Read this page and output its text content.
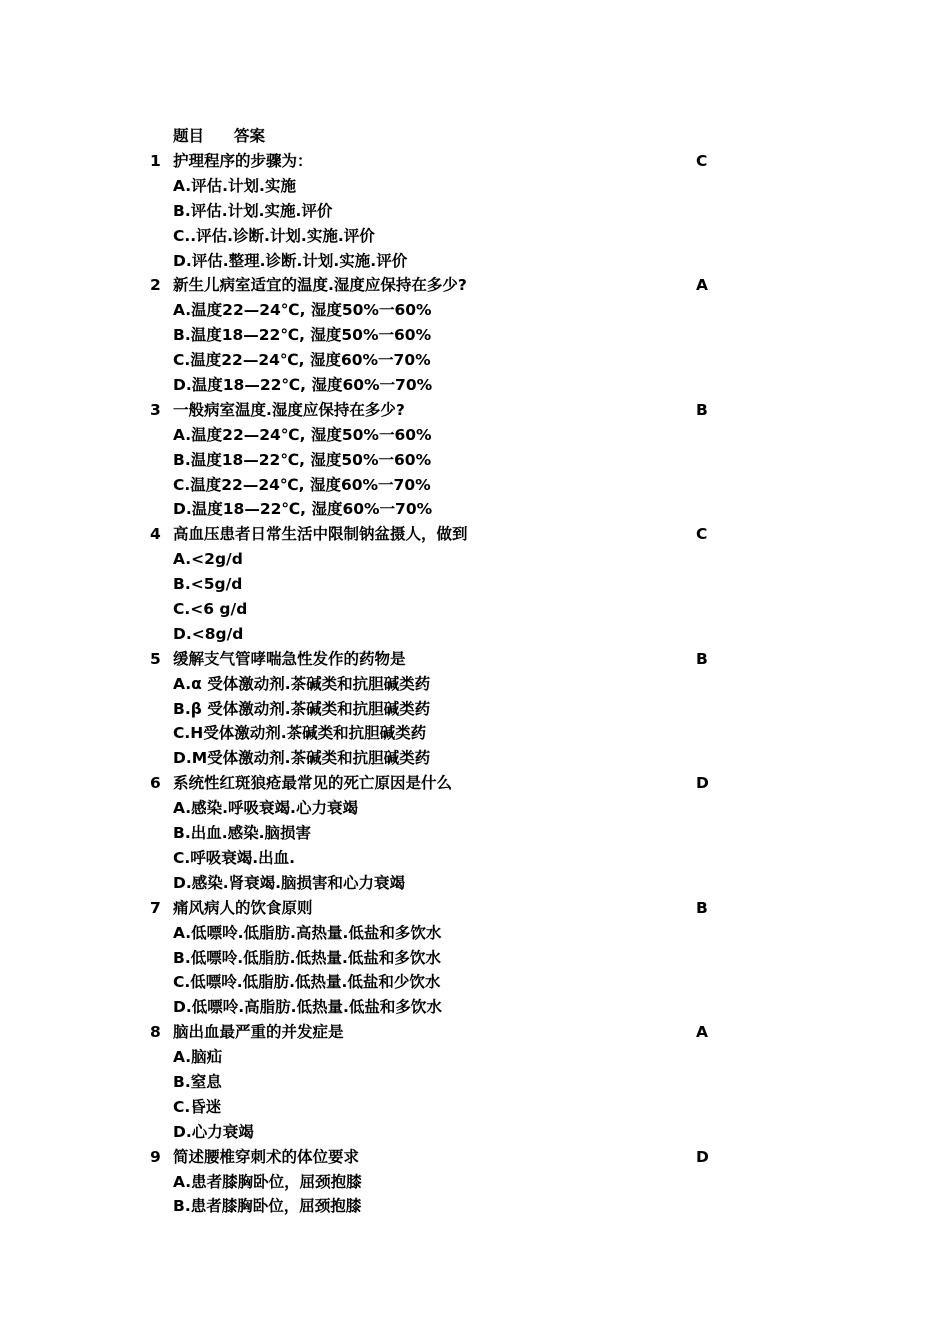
题目 答案
1 护理程序的步骤为：	C
A.评估.计划.实施
B.评估.计划.实施.评价
C..评估.诊断.计划.实施.评价
D.评估.整理.诊断.计划.实施.评价
2 新生儿病室适宜的温度.湿度应保持在多少?	A
A.温度22—24℃, 湿度50%一60%
B.温度18—22℃, 湿度50%一60%
C.温度22—24℃, 湿度60%一70%
D.温度18—22℃, 湿度60%一70%
3 一般病室温度.湿度应保持在多少?	B
A.温度22—24℃, 湿度50%一60%
B.温度18—22℃, 湿度50%一60%
C.温度22—24℃, 湿度60%一70%
D.温度18—22℃, 湿度60%一70%
4 高血压患者日常生活中限制钠盆摄人，做到	C
A.<2g/d
B.<5g/d
C.<6 g/d
D.<8g/d
5 缓解支气管哮喘急性发作的药物是	B
A.α 受体激动剂.茶碱类和抗胆碱类药
B.β 受体激动剂.茶碱类和抗胆碱类药
C.H受体激动剂.茶碱类和抗胆碱类药
D.M受体激动剂.茶碱类和抗胆碱类药
6 系统性红斑狼疮最常见的死亡原因是什么	D
A.感染.呼吸衰竭.心力衰竭
B.出血.感染.脑损害
C.呼吸衰竭.出血.
D.感染.肾衰竭.脑损害和心力衰竭
7 痛风病人的饮食原则	B
A.低嘌呤.低脂肪.高热量.低盐和多饮水
B.低嘌呤.低脂肪.低热量.低盐和多饮水
C.低嘌呤.低脂肪.低热量.低盐和少饮水
D.低嘌呤.高脂肪.低热量.低盐和多饮水
8 脑出血最严重的并发症是	A
A.脑疝
B.窒息
C.昏迷
D.心力衰竭
9 简述腰椎穿刺术的体位要求	D
A.患者膝胸卧位，屈颈抱膝
B.患者膝胸卧位，屈颈抱膝
